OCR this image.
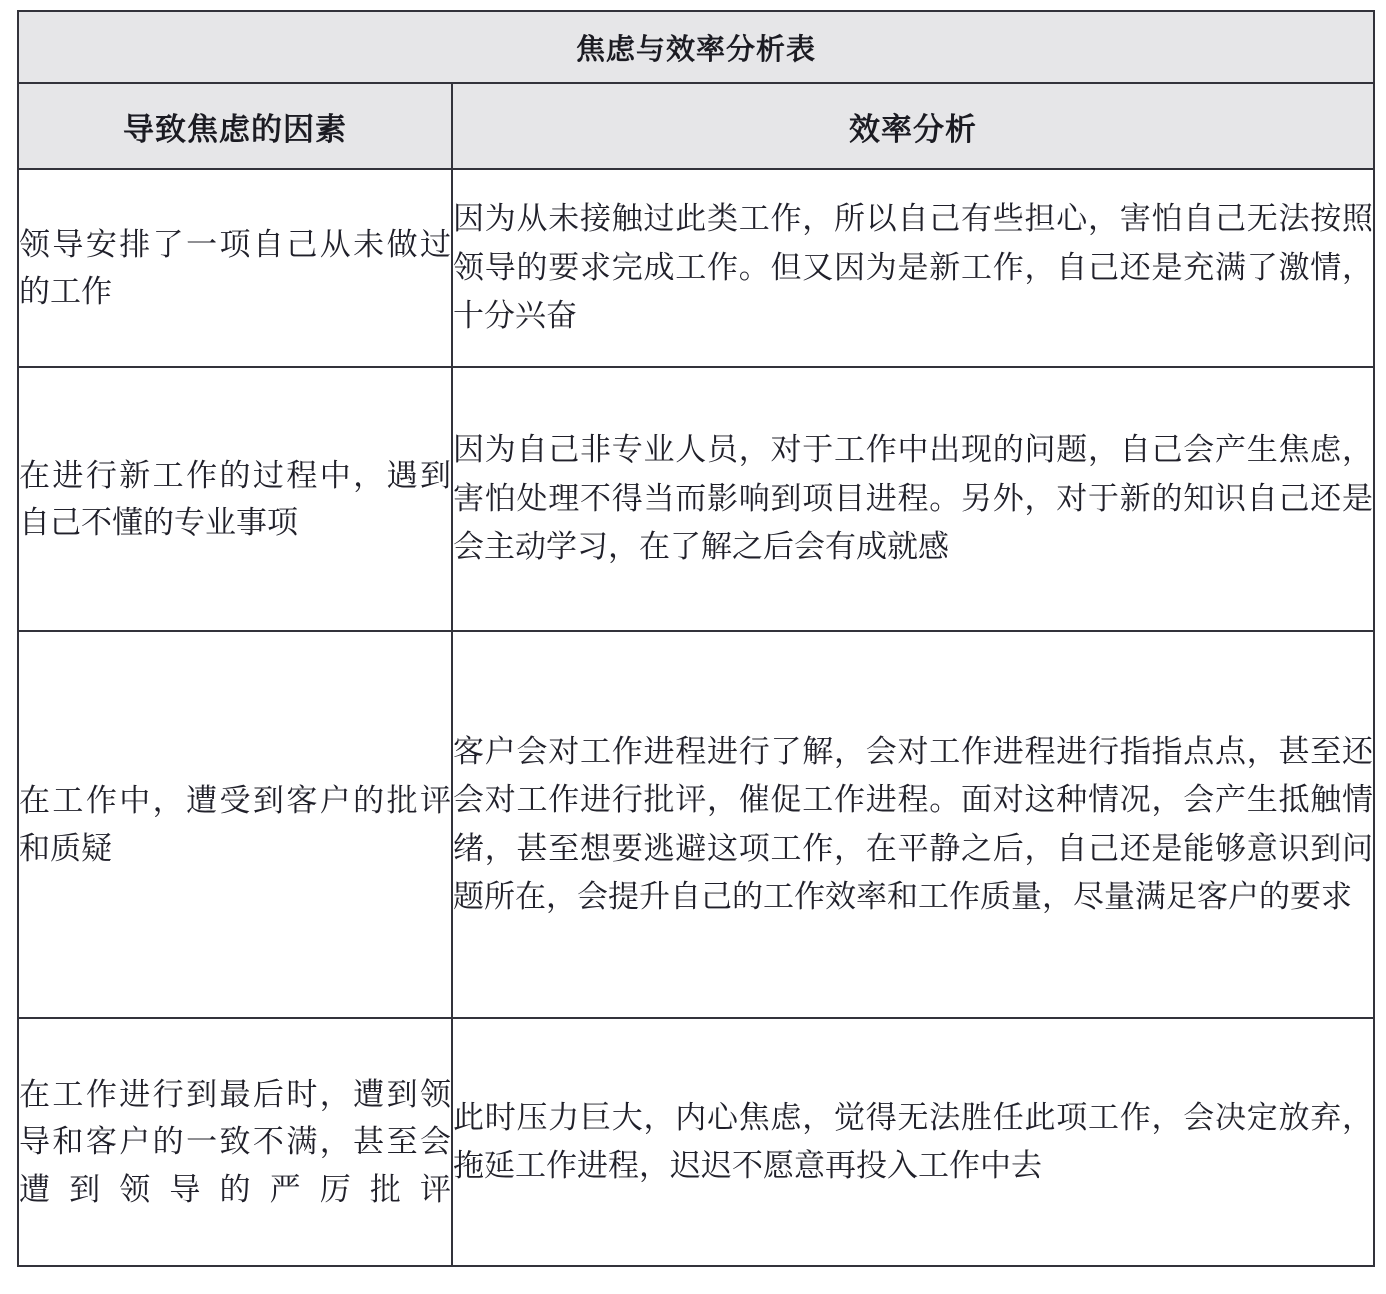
焦虑与效率分析表	
导致焦虑的因素	效率分析
领导安排了一项自己从未做过的工作	因为从未接触过此类工作，所以自己有些担心，害怕自己无法按照领导的要求完成工作。但又因为是新工作，自己还是充满了激情，十分兴奋
在进行新工作的过程中，遇到自己不懂的专业事项	因为自己非专业人员，对于工作中出现的问题，自己会产生焦虑，害怕处理不得当而影响到项目进程。另外，对于新的知识自己还是会主动学习，在了解之后会有成就感
在工作中，遭受到客户的批评和质疑	客户会对工作进程进行了解，会对工作进程进行指指点点，甚至还会对工作进行批评，催促工作进程。面对这种情况，会产生抵触情绪，甚至想要逃避这项工作，在平静之后，自己还是能够意识到问题所在，会提升自己的工作效率和工作质量，尽量满足客户的要求
在工作进行到最后时，遭到领导和客户的一致不满，甚至会遭到领导的严厉批评	此时压力巨大，内心焦虑，觉得无法胜任此项工作，会决定放弃，拖延工作进程，迟迟不愿意再投入工作中去
